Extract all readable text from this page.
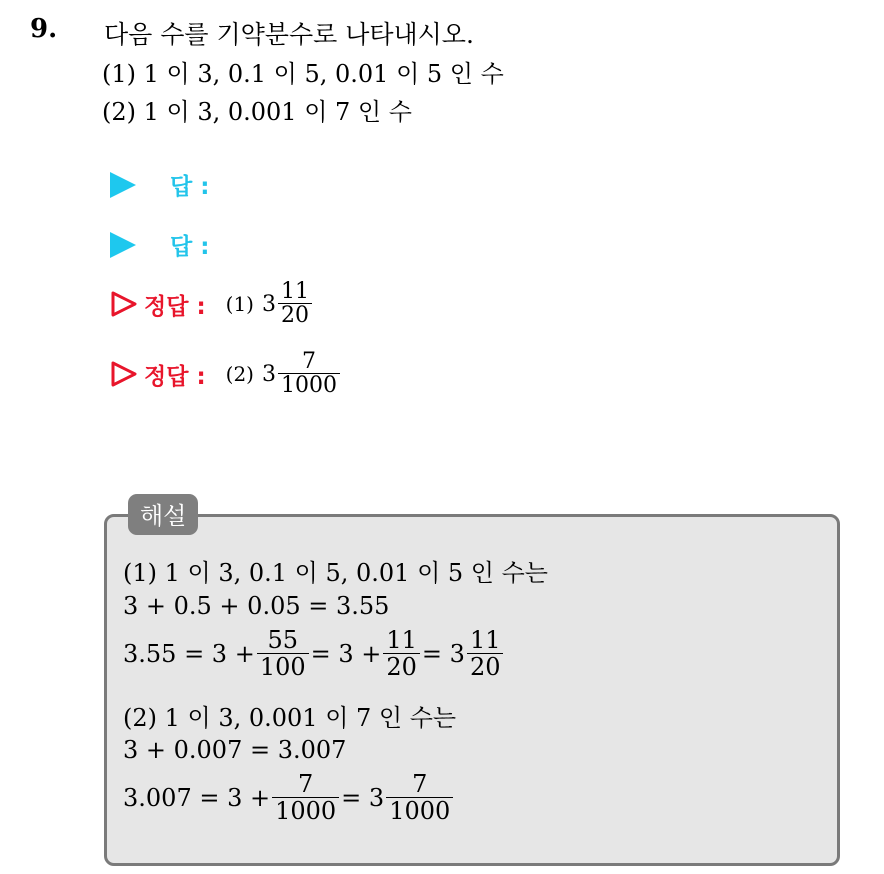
9. 다음 수를 기약분수로 나타내시오.
(1) 1 이 3, 0.1 이 5, 0.01 이 5 인 수
(2) 1 이 3, 0.001 이 7 인 수
답 :
답 :
정답 : (1) $3 \frac{11}{20}$
정답 : (2) $3 \frac{7}{1000}$
해설
(1) 1 이 3, 0.1 이 5, 0.01 이 5 인 수는
3 + 0.5 + 0.05 = 3.55
$3.55 = 3 + \frac{55}{100} = 3 + \frac{11}{20} = 3 \frac{11}{20}$
(2) 1 이 3, 0.001 이 7 인 수는
3 + 0.007 = 3.007
$3.007 = 3 + \frac{7}{1000} = 3 \frac{7}{1000}$
